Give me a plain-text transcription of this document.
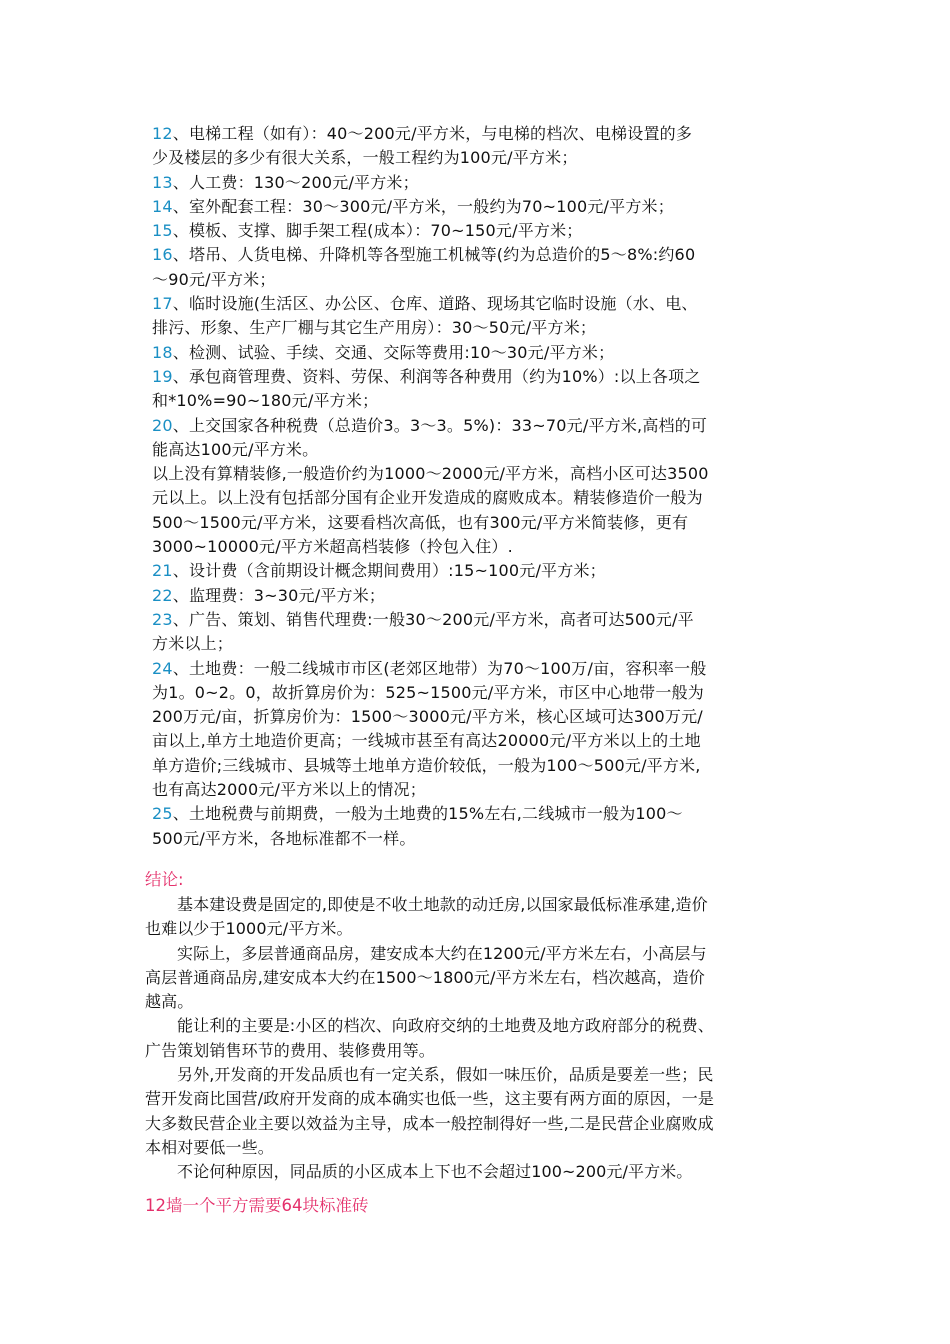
12、电梯工程（如有）：40～200元/平方米，与电梯的档次、电梯设置的多
少及楼层的多少有很大关系，一般工程约为100元/平方米；
13、人工费：130～200元/平方米；
14、室外配套工程：30～300元/平方米，一般约为70~100元/平方米；
15、模板、支撑、脚手架工程(成本）：70~150元/平方米；
16、塔吊、人货电梯、升降机等各型施工机械等(约为总造价的5～8%:约60
～90元/平方米；
17、临时设施(生活区、办公区、仓库、道路、现场其它临时设施（水、电、
排污、形象、生产厂棚与其它生产用房）：30～50元/平方米；
18、检测、试验、手续、交通、交际等费用:10～30元/平方米；
19、承包商管理费、资料、劳保、利润等各种费用（约为10%）:以上各项之
和*10%=90~180元/平方米；
20、上交国家各种税费（总造价3。3～3。5%)：33~70元/平方米,高档的可
能高达100元/平方米。
以上没有算精装修,一般造价约为1000～2000元/平方米，高档小区可达3500
元以上。以上没有包括部分国有企业开发造成的腐败成本。精装修造价一般为
500～1500元/平方米，这要看档次高低，也有300元/平方米简装修，更有
3000~10000元/平方米超高档装修（拎包入住）.
21、设计费（含前期设计概念期间费用）:15~100元/平方米；
22、监理费：3~30元/平方米；
23、广告、策划、销售代理费:一般30～200元/平方米，高者可达500元/平
方米以上；
24、土地费：一般二线城市市区(老郊区地带）为70～100万/亩，容积率一般
为1。0~2。0，故折算房价为：525~1500元/平方米，市区中心地带一般为
200万元/亩，折算房价为：1500～3000元/平方米，核心区域可达300万元/
亩以上,单方土地造价更高；一线城市甚至有高达20000元/平方米以上的土地
单方造价;三线城市、县城等土地单方造价较低，一般为100～500元/平方米,
也有高达2000元/平方米以上的情况；
25、土地税费与前期费，一般为土地费的15%左右,二线城市一般为100～
500元/平方米，各地标准都不一样。
结论:
基本建设费是固定的,即使是不收土地款的动迁房,以国家最低标准承建,造价
也难以少于1000元/平方米。
实际上，多层普通商品房，建安成本大约在1200元/平方米左右，小高层与
高层普通商品房,建安成本大约在1500～1800元/平方米左右，档次越高，造价
越高。
能让利的主要是:小区的档次、向政府交纳的土地费及地方政府部分的税费、
广告策划销售环节的费用、装修费用等。
另外,开发商的开发品质也有一定关系，假如一味压价，品质是要差一些；民
营开发商比国营/政府开发商的成本确实也低一些，这主要有两方面的原因，一是
大多数民营企业主要以效益为主导，成本一般控制得好一些,二是民营企业腐败成
本相对要低一些。
不论何种原因，同品质的小区成本上下也不会超过100~200元/平方米。
12墙一个平方需要64块标准砖
